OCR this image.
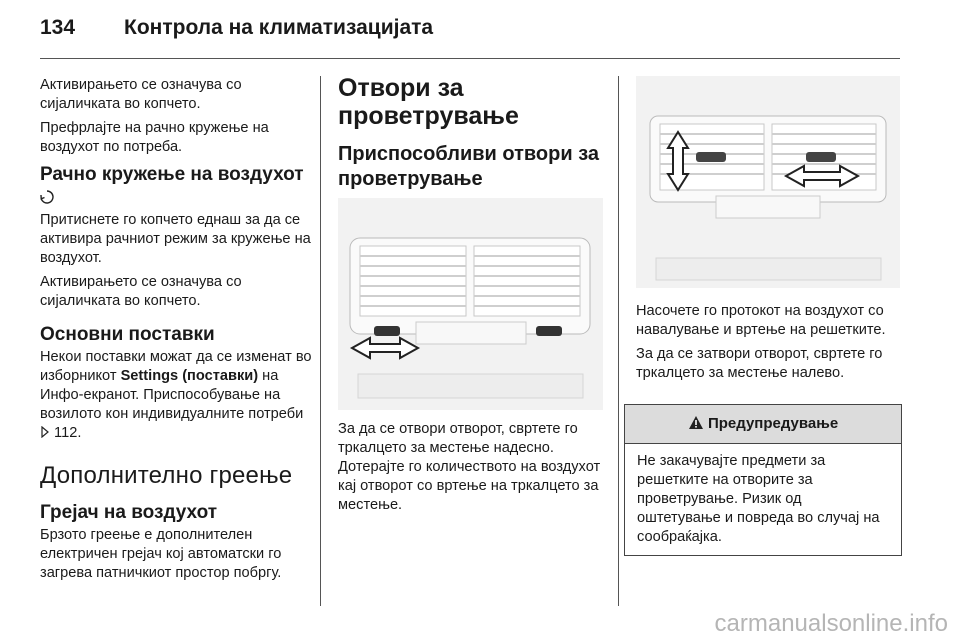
134 Контрола на климатизацијата

Активирањето се означува со сијаличката во копчето.

Префрлајте на рачно кружење на воздухот по потреба.

Рачно кружење на воздухот

Притиснете го копчето еднаш за да се активира рачниот режим за кружење на воздухот.

Активирањето се означува со сијаличката во копчето.

Основни поставки

Некои поставки можат да се изменат во изборникот Settings (поставки) на Инфо-екранот. Приспособување на возилото кон индивидуалните потреби  112.

Дополнително греење
Грејач на воздухот

Брзото греење е дополнителен електричен грејач кој автоматски го загрева патничкиот простор побргу.

Отвори за проветрување
Приспособливи отвори за проветрување

За да се отвори отворот, свртете го тркалцето за местење надесно. Дотерајте го количеството на воздухот кај отворот со вртење на тркалцето за местење.

Насочете го протокот на воздухот со навалување и вртење на решетките.

За да се затвори отворот, свртете го тркалцето за местење налево.

Предупредување
Не закачувајте предмети за решетките на отворите за проветрување. Ризик од оштетување и повреда во случај на сообраќајка.
carmanualsonline.info
